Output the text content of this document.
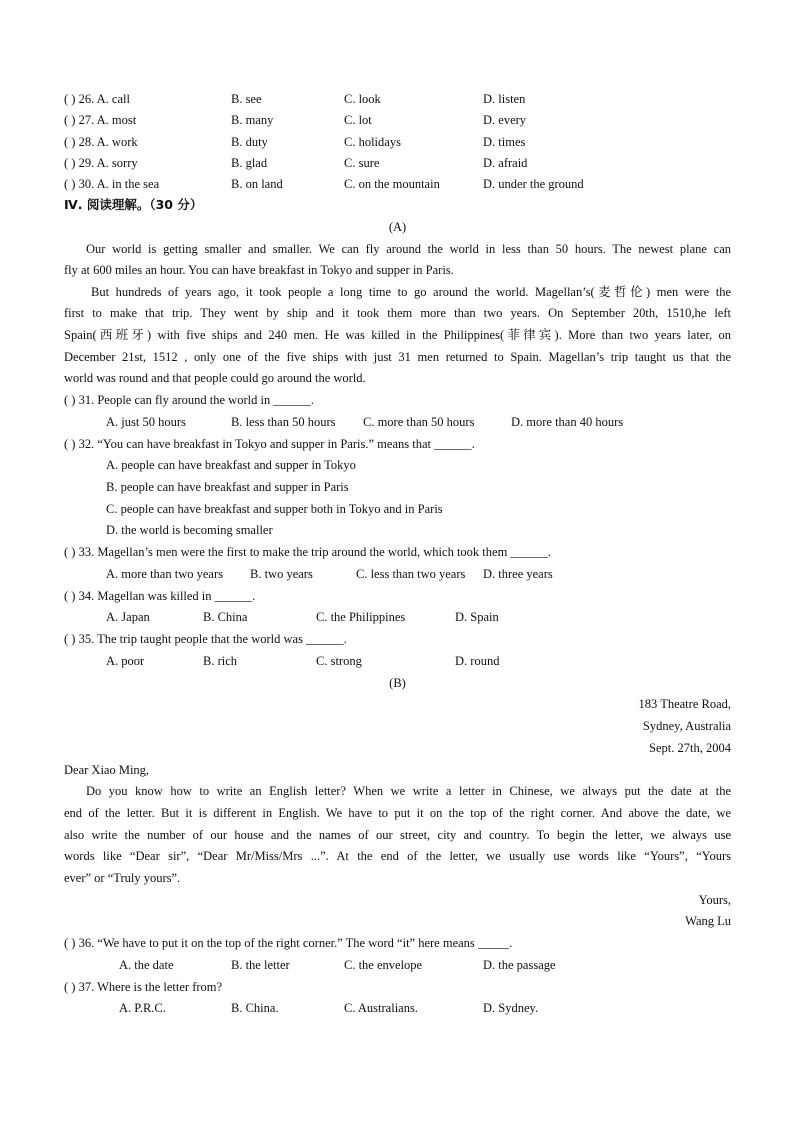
( ) 26. A. call	B. see	C. look	D. listen
( ) 27. A. most	B. many	C. lot	D. every
( ) 28. A. work	B. duty	C. holidays	D. times
( ) 29. A. sorry	B. glad	C. sure	D. afraid
( ) 30. A. in the sea	B. on land	C. on the mountain	D. under the ground
Ⅳ. 阅读理解。（30 分）
(A)
Our world is getting smaller and smaller. We can fly around the world in less than 50 hours. The newest plane can
fly at 600 miles an hour. You can have breakfast in Tokyo and supper in Paris.
But hundreds of years ago, it took people a long time to go around the world. Magellan’s(麦哲伦) men were the
first to make that trip. They went by ship and it took them more than two years. On September 20th, 1510,he left
Spain(西班牙) with five ships and 240 men. He was killed in the Philippines(菲律宾). More than two years later, on
December 21st, 1512 , only one of the five ships with just 31 men returned to Spain. Magellan’s trip taught us that the
world was round and that people could go around the world.
( ) 31. People can fly around the world in ______.
A. just 50 hours	B. less than 50 hours C. more than 50 hours	D. more than 40 hours
( ) 32. “You can have breakfast in Tokyo and supper in Paris.” means that ______.
A. people can have breakfast and supper in Tokyo
B. people can have breakfast and supper in Paris
C. people can have breakfast and supper both in Tokyo and in Paris
D. the world is becoming smaller
( ) 33. Magellan’s men were the first to make the trip around the world, which took them ______.
A. more than two years B. two years	C. less than two years D. three years
( ) 34. Magellan was killed in ______.
A. Japan	B. China	C. the Philippines	D. Spain
( ) 35. The trip taught people that the world was ______.
A. poor	B. rich	C. strong	D. round
(B)
183 Theatre Road,
Sydney, Australia
Sept. 27th, 2004
Dear Xiao Ming,
Do you know how to write an English letter? When we write a letter in Chinese, we always put the date at the
end of the letter. But it is different in English. We have to put it on the top of the right corner. And above the date, we
also write the number of our house and the names of our street, city and country. To begin the letter, we always use
words like “Dear sir”, “Dear Mr/Miss/Mrs ...”. At the end of the letter, we usually use words like “Yours”, “Yours
ever” or “Truly yours”.
Yours,
Wang Lu
( ) 36. “We have to put it on the top of the right corner.” The word “it” here means _____.
A. the date	B. the letter	C. the envelope	D. the passage
( ) 37. Where is the letter from?
A. P.R.C.	B. China.	C. Australians.	D. Sydney.
